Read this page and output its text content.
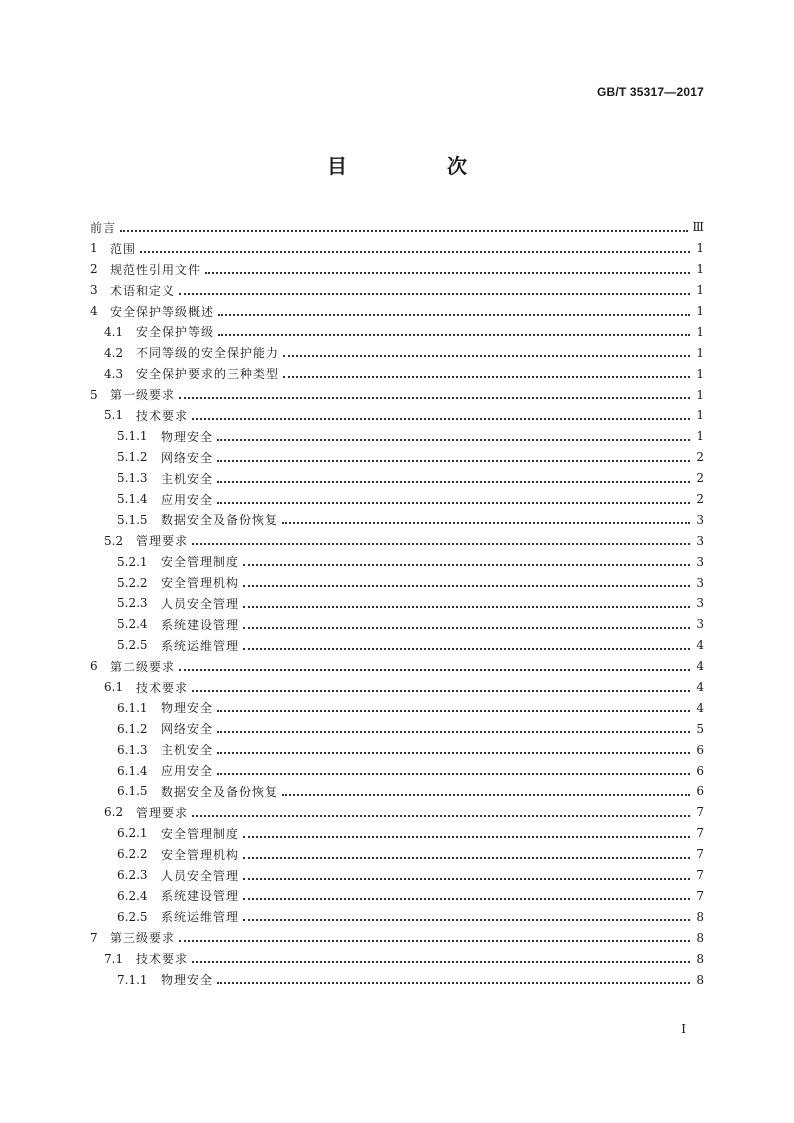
GB/T 35317—2017
目　次
前言	Ⅲ
1	范围	1
2	规范性引用文件	1
3	术语和定义	1
4	安全保护等级概述	1
4.1	安全保护等级	1
4.2	不同等级的安全保护能力	1
4.3	安全保护要求的三种类型	1
5	第一级要求	1
5.1	技术要求	1
5.1.1	物理安全	1
5.1.2	网络安全	2
5.1.3	主机安全	2
5.1.4	应用安全	2
5.1.5	数据安全及备份恢复	3
5.2	管理要求	3
5.2.1	安全管理制度	3
5.2.2	安全管理机构	3
5.2.3	人员安全管理	3
5.2.4	系统建设管理	3
5.2.5	系统运维管理	4
6	第二级要求	4
6.1	技术要求	4
6.1.1	物理安全	4
6.1.2	网络安全	5
6.1.3	主机安全	6
6.1.4	应用安全	6
6.1.5	数据安全及备份恢复	6
6.2	管理要求	7
6.2.1	安全管理制度	7
6.2.2	安全管理机构	7
6.2.3	人员安全管理	7
6.2.4	系统建设管理	7
6.2.5	系统运维管理	8
7	第三级要求	8
7.1	技术要求	8
7.1.1	物理安全	8
Ⅰ
